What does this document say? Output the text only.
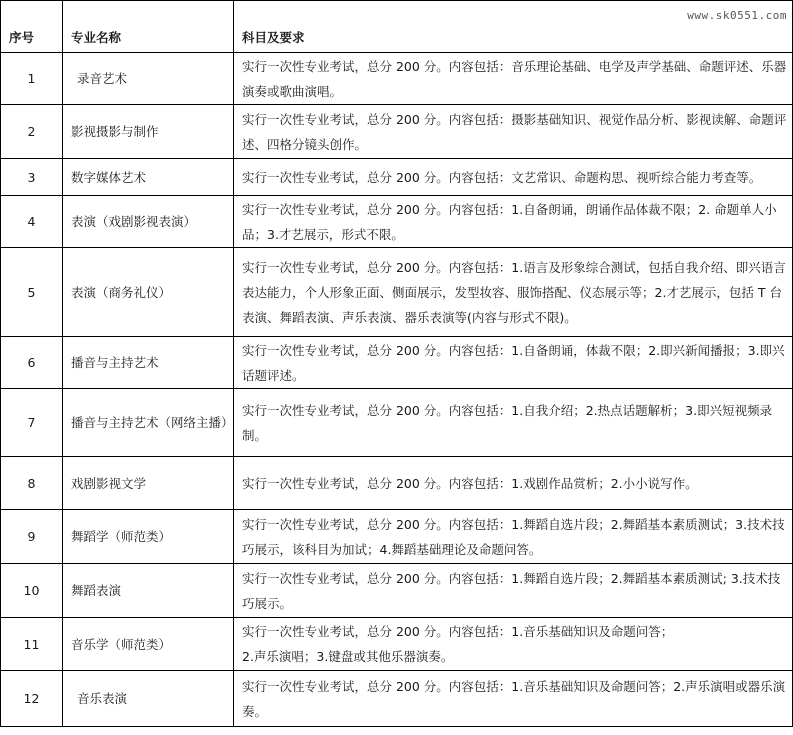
www.sk0551.com
序号	专业名称	科目及要求
1	录音艺术	实行一次性专业考试，总分 200 分。内容包括：音乐理论基础、电学及声学基础、命题评述、乐器演奏或歌曲演唱。
2	影视摄影与制作	实行一次性专业考试，总分 200 分。内容包括：摄影基础知识、视觉作品分析、影视读解、命题评述、四格分镜头创作。
3	数字媒体艺术	实行一次性专业考试，总分 200 分。内容包括：文艺常识、命题构思、视听综合能力考查等。
4	表演（戏剧影视表演）	实行一次性专业考试，总分 200 分。内容包括：1.自备朗诵，朗诵作品体裁不限；2. 命题单人小品；3.才艺展示，形式不限。
5	表演（商务礼仪）	实行一次性专业考试，总分 200 分。内容包括：1.语言及形象综合测试，包括自我介绍、即兴语言表达能力，个人形象正面、侧面展示，发型妆容、服饰搭配、仪态展示等；2.才艺展示，包括 T 台表演、舞蹈表演、声乐表演、器乐表演等(内容与形式不限)。
6	播音与主持艺术	实行一次性专业考试，总分 200 分。内容包括：1.自备朗诵，体裁不限；2.即兴新闻播报；3.即兴话题评述。
7	播音与主持艺术（网络主播）	实行一次性专业考试，总分 200 分。内容包括：1.自我介绍；2.热点话题解析；3.即兴短视频录制。
8	戏剧影视文学	实行一次性专业考试，总分 200 分。内容包括：1.戏剧作品赏析；2.小小说写作。
9	舞蹈学（师范类）	实行一次性专业考试，总分 200 分。内容包括：1.舞蹈自选片段；2.舞蹈基本素质测试；3.技术技巧展示，该科目为加试；4.舞蹈基础理论及命题问答。
10	舞蹈表演	实行一次性专业考试，总分 200 分。内容包括：1.舞蹈自选片段；2.舞蹈基本素质测试; 3.技术技巧展示。
11	音乐学（师范类）	实行一次性专业考试，总分 200 分。内容包括：1.音乐基础知识及命题问答；
2.声乐演唱；3.键盘或其他乐器演奏。
12	音乐表演	实行一次性专业考试，总分 200 分。内容包括：1.音乐基础知识及命题问答；2.声乐演唱或器乐演奏。
